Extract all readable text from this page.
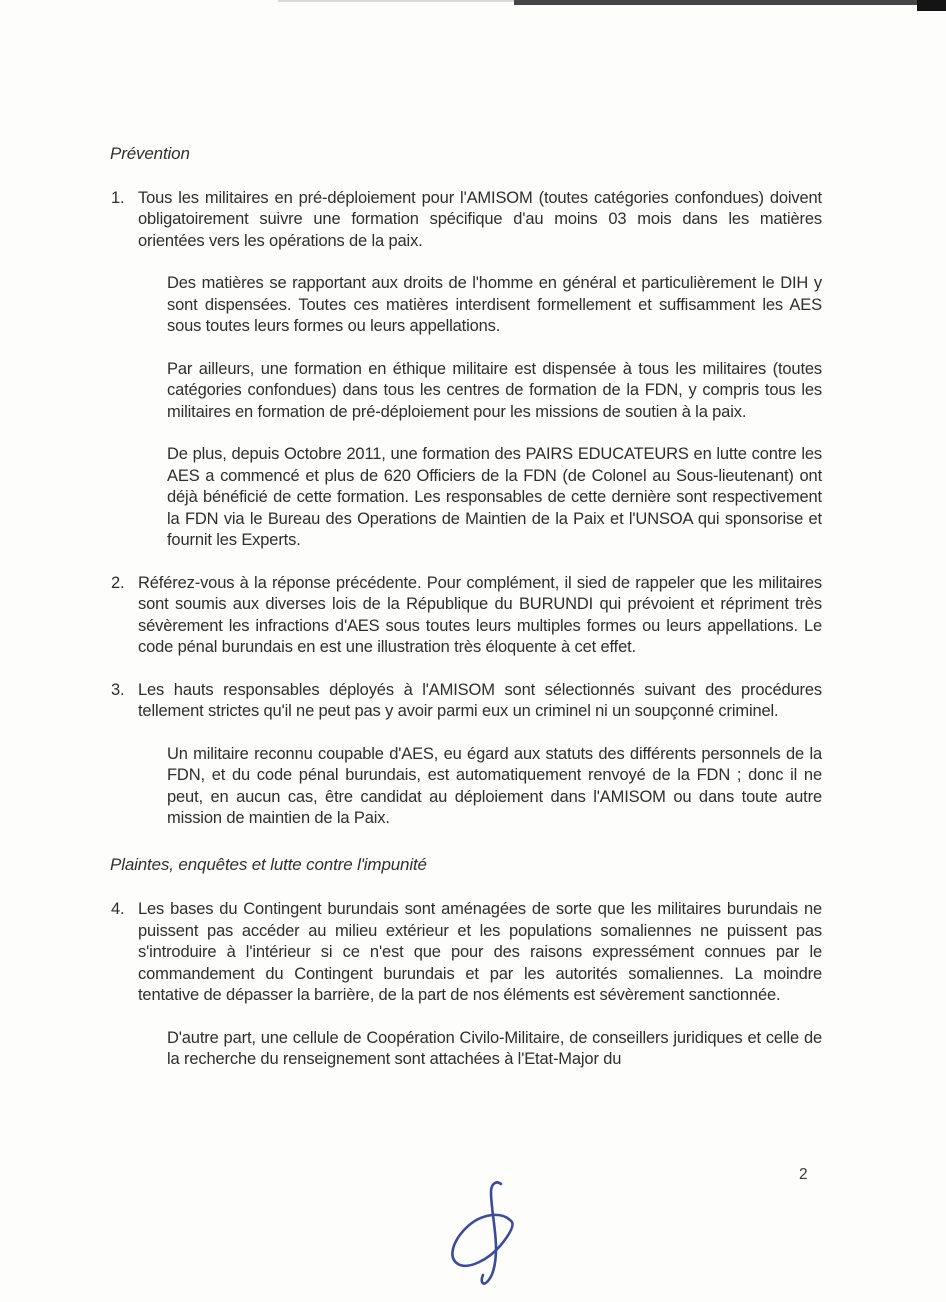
Prévention
1. Tous les militaires en pré-déploiement pour l'AMISOM (toutes catégories confondues) doivent obligatoirement suivre une formation spécifique d'au moins 03 mois dans les matières orientées vers les opérations de la paix.

Des matières se rapportant aux droits de l'homme en général et particulièrement le DIH y sont dispensées. Toutes ces matières interdisent formellement et suffisamment les AES sous toutes leurs formes ou leurs appellations.

Par ailleurs, une formation en éthique militaire est dispensée à tous les militaires (toutes catégories confondues) dans tous les centres de formation de la FDN, y compris tous les militaires en formation de pré-déploiement pour les missions de soutien à la paix.

De plus, depuis Octobre 2011, une formation des PAIRS EDUCATEURS en lutte contre les AES a commencé et plus de 620 Officiers de la FDN (de Colonel au Sous-lieutenant) ont déjà bénéficié de cette formation. Les responsables de cette dernière sont respectivement la FDN via le Bureau des Operations de Maintien de la Paix et l'UNSOA qui sponsorise et fournit les Experts.

2. Référez-vous à la réponse précédente. Pour complément, il sied de rappeler que les militaires sont soumis aux diverses lois de la République du BURUNDI qui prévoient et répriment très sévèrement les infractions d'AES sous toutes leurs multiples formes ou leurs appellations. Le code pénal burundais en est une illustration très éloquente à cet effet.

3. Les hauts responsables déployés à l'AMISOM sont sélectionnés suivant des procédures tellement strictes qu'il ne peut pas y avoir parmi eux un criminel ni un soupçonné criminel.

Un militaire reconnu coupable d'AES, eu égard aux statuts des différents personnels de la FDN, et du code pénal burundais, est automatiquement renvoyé de la FDN ; donc il ne peut, en aucun cas, être candidat au déploiement dans l'AMISOM ou dans toute autre mission de maintien de la Paix.

Plaintes, enquêtes et lutte contre l'impunité
4. Les bases du Contingent burundais sont aménagées de sorte que les militaires burundais ne puissent pas accéder au milieu extérieur et les populations somaliennes ne puissent pas s'introduire à l'intérieur si ce n'est que pour des raisons expressément connues par le commandement du Contingent burundais et par les autorités somaliennes. La moindre tentative de dépasser la barrière, de la part de nos éléments est sévèrement sanctionnée.

D'autre part, une cellule de Coopération Civilo-Militaire, de conseillers juridiques et celle de la recherche du renseignement sont attachées à l'Etat-Major du

2
